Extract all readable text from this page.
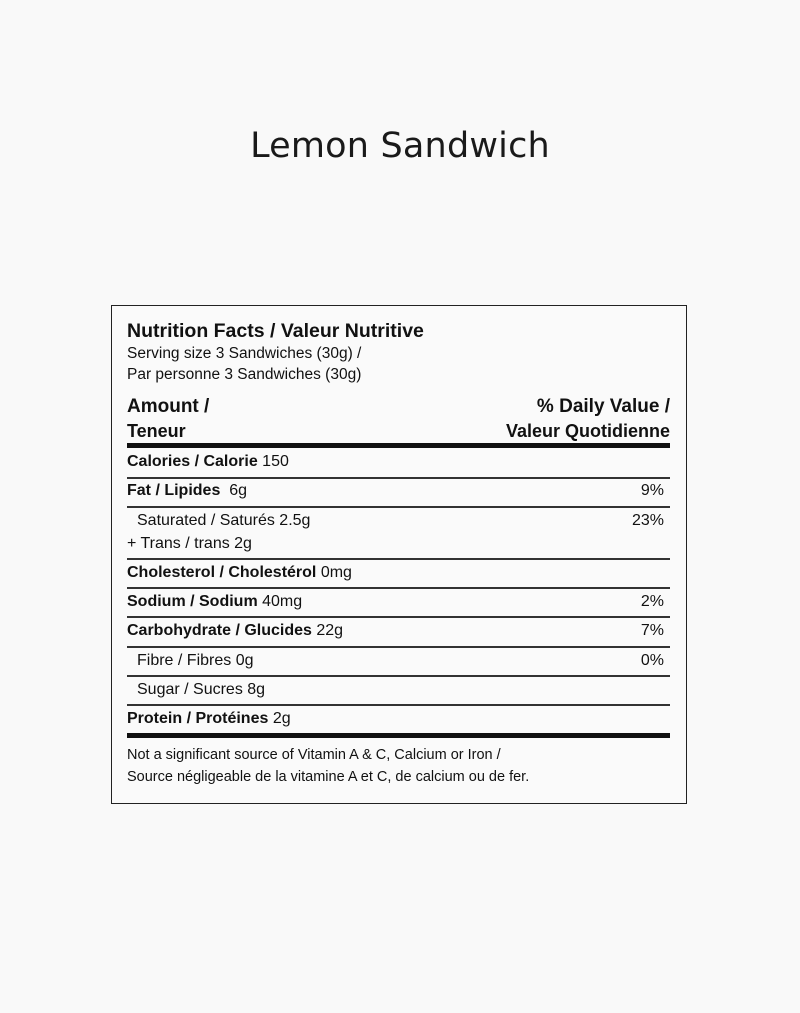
Lemon Sandwich
Nutrition Facts / Valeur Nutritive
Serving size 3 Sandwiches (30g) /
Par personne 3 Sandwiches (30g)
Amount /
Teneur
% Daily Value /
Valeur Quotidienne
Calories / Calorie 150
Fat / Lipides  6g	9%
Saturated / Saturés 2.5g	23%
+ Trans / trans 2g
Cholesterol / Cholestérol 0mg
Sodium / Sodium 40mg	2%
Carbohydrate / Glucides 22g	7%
Fibre / Fibres 0g	0%
Sugar / Sucres 8g
Protein / Protéines 2g
Not a significant source of Vitamin A & C, Calcium or Iron /
Source négligeable de la vitamine A et C, de calcium ou de fer.
